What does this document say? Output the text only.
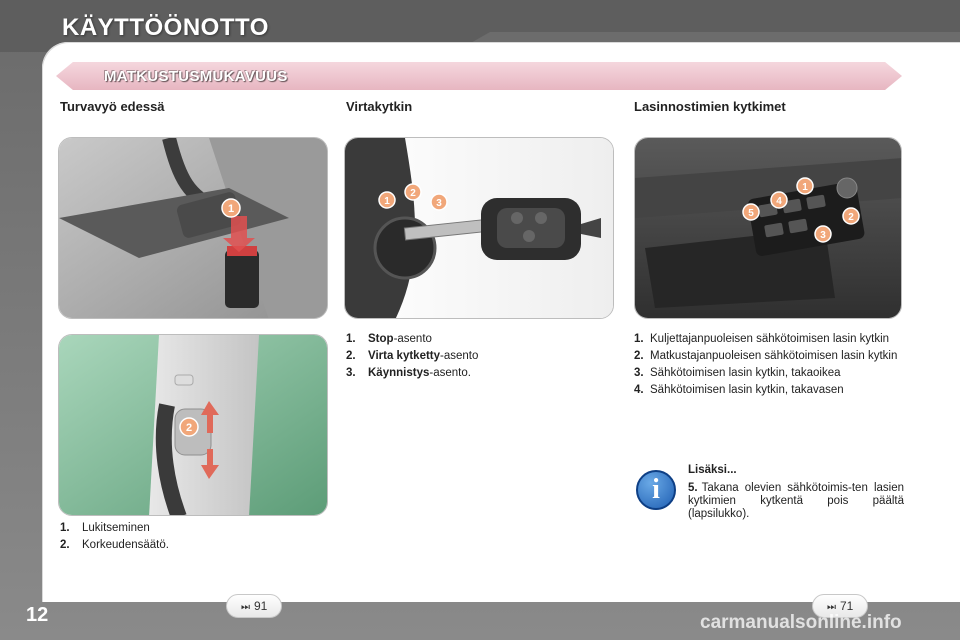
KÄYTTÖÖNOTTO
MATKUSTUSMUKAVUUS
Turvavyö edessä	Virtakytkin	Lasinnostimien kytkimet
1
2
1
2
3
1
2
3
4
5
1. Stop-asento
2. Virta kytketty-asento
3. Käynnistys-asento.
1. Kuljettajanpuoleisen sähkötoimisen lasin kytkin
2. Matkustajanpuoleisen sähkötoimisen lasin kytkin
3. Sähkötoimisen lasin kytkin, takaoikea
4. Sähkötoimisen lasin kytkin, takavasen
i
Lisäksi...
5. Takana olevien sähkötoimis-ten lasien kytkimien kytkentä pois päältä (lapsilukko).
1. Lukitseminen
2. Korkeudensäätö.
⏭ 91	⏭ 71
12	carmanualsonline.info
